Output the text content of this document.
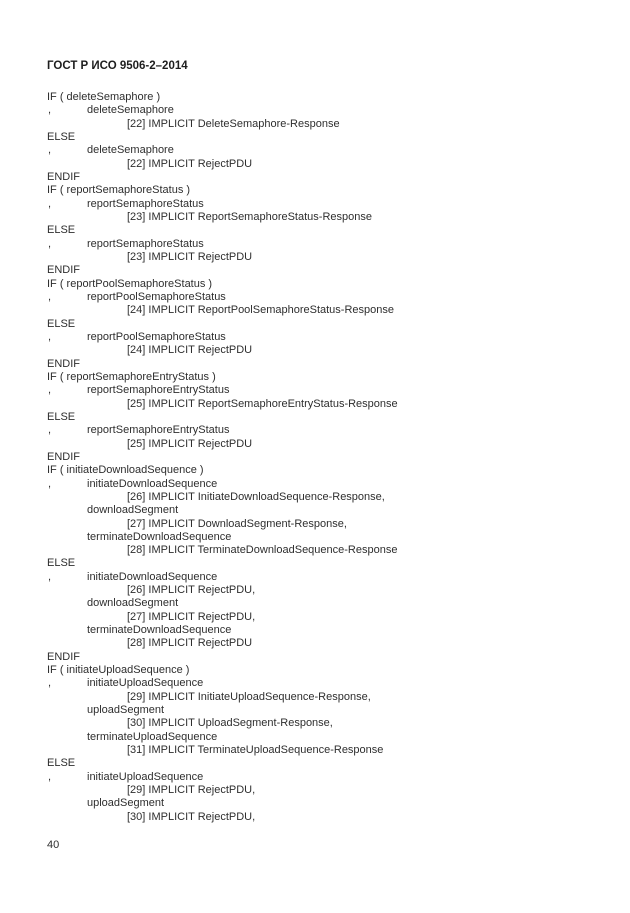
ГОСТ Р ИСО 9506-2–2014
IF ( deleteSemaphore )
,	deleteSemaphore
[22] IMPLICIT DeleteSemaphore-Response
ELSE
,	deleteSemaphore
[22] IMPLICIT RejectPDU
ENDIF
IF ( reportSemaphoreStatus )
,	reportSemaphoreStatus
[23] IMPLICIT ReportSemaphoreStatus-Response
ELSE
,	reportSemaphoreStatus
[23] IMPLICIT RejectPDU
ENDIF
IF ( reportPoolSemaphoreStatus )
,	reportPoolSemaphoreStatus
[24] IMPLICIT ReportPoolSemaphoreStatus-Response
ELSE
,	reportPoolSemaphoreStatus
[24] IMPLICIT RejectPDU
ENDIF
IF ( reportSemaphoreEntryStatus )
,	reportSemaphoreEntryStatus
[25] IMPLICIT ReportSemaphoreEntryStatus-Response
ELSE
,	reportSemaphoreEntryStatus
[25] IMPLICIT RejectPDU
ENDIF
IF ( initiateDownloadSequence )
,	initiateDownloadSequence
[26] IMPLICIT InitiateDownloadSequence-Response,
downloadSegment
[27] IMPLICIT DownloadSegment-Response,
terminateDownloadSequence
[28] IMPLICIT TerminateDownloadSequence-Response
ELSE
,	initiateDownloadSequence
[26] IMPLICIT RejectPDU,
downloadSegment
[27] IMPLICIT RejectPDU,
terminateDownloadSequence
[28] IMPLICIT RejectPDU
ENDIF
IF ( initiateUploadSequence )
,	initiateUploadSequence
[29] IMPLICIT InitiateUploadSequence-Response,
uploadSegment
[30] IMPLICIT UploadSegment-Response,
terminateUploadSequence
[31] IMPLICIT TerminateUploadSequence-Response
ELSE
,	initiateUploadSequence
[29] IMPLICIT RejectPDU,
uploadSegment
[30] IMPLICIT RejectPDU,
40
